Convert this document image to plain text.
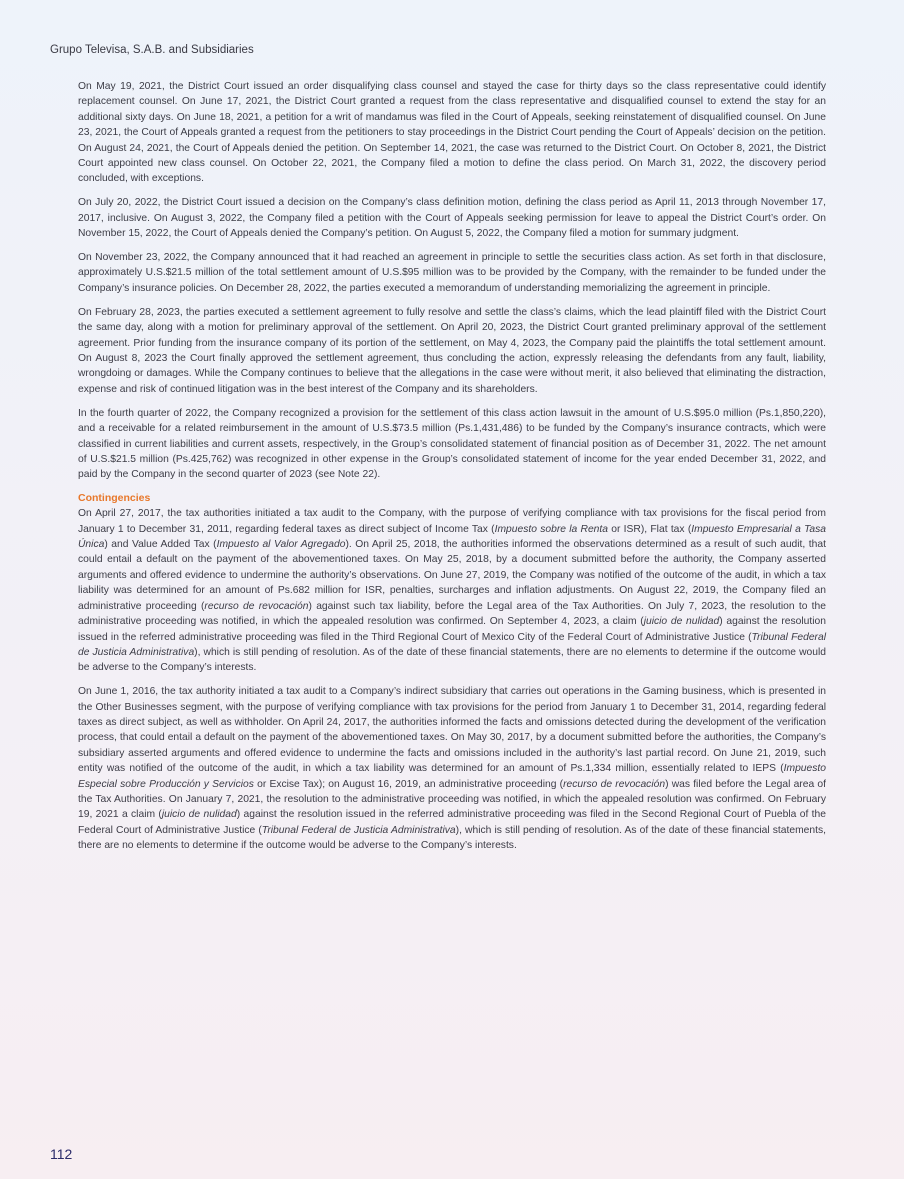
Grupo Televisa, S.A.B. and Subsidiaries

On May 19, 2021, the District Court issued an order disqualifying class counsel and stayed the case for thirty days so the class representative could identify replacement counsel. On June 17, 2021, the District Court granted a request from the class representative and disqualified counsel to extend the stay for an additional sixty days. On June 18, 2021, a petition for a writ of mandamus was filed in the Court of Appeals, seeking reinstatement of disqualified counsel. On June 23, 2021, the Court of Appeals granted a request from the petitioners to stay proceedings in the District Court pending the Court of Appeals’ decision on the petition. On August 24, 2021, the Court of Appeals denied the petition. On September 14, 2021, the case was returned to the District Court. On October 8, 2021, the District Court appointed new class counsel. On October 22, 2021, the Company filed a motion to define the class period. On March 31, 2022, the discovery period concluded, with exceptions.

On July 20, 2022, the District Court issued a decision on the Company’s class definition motion, defining the class period as April 11, 2013 through November 17, 2017, inclusive. On August 3, 2022, the Company filed a petition with the Court of Appeals seeking permission for leave to appeal the District Court’s order. On November 15, 2022, the Court of Appeals denied the Company’s petition. On August 5, 2022, the Company filed a motion for summary judgment.

On November 23, 2022, the Company announced that it had reached an agreement in principle to settle the securities class action. As set forth in that disclosure, approximately U.S.$21.5 million of the total settlement amount of U.S.$95 million was to be provided by the Company, with the remainder to be funded under the Company’s insurance policies. On December 28, 2022, the parties executed a memorandum of understanding memorializing the agreement in principle.

On February 28, 2023, the parties executed a settlement agreement to fully resolve and settle the class’s claims, which the lead plaintiff filed with the District Court the same day, along with a motion for preliminary approval of the settlement. On April 20, 2023, the District Court granted preliminary approval of the settlement agreement. Prior funding from the insurance company of its portion of the settlement, on May 4, 2023, the Company paid the plaintiffs the total settlement amount. On August 8, 2023 the Court finally approved the settlement agreement, thus concluding the action, expressly releasing the defendants from any fault, liability, wrongdoing or damages. While the Company continues to believe that the allegations in the case were without merit, it also believed that eliminating the distraction, expense and risk of continued litigation was in the best interest of the Company and its shareholders.

In the fourth quarter of 2022, the Company recognized a provision for the settlement of this class action lawsuit in the amount of U.S.$95.0 million (Ps.1,850,220), and a receivable for a related reimbursement in the amount of U.S.$73.5 million (Ps.1,431,486) to be funded by the Company’s insurance contracts, which were classified in current liabilities and current assets, respectively, in the Group’s consolidated statement of financial position as of December 31, 2022. The net amount of U.S.$21.5 million (Ps.425,762) was recognized in other expense in the Group’s consolidated statement of income for the year ended December 31, 2022, and paid by the Company in the second quarter of 2023 (see Note 22).

Contingencies

On April 27, 2017, the tax authorities initiated a tax audit to the Company, with the purpose of verifying compliance with tax provisions for the fiscal period from January 1 to December 31, 2011, regarding federal taxes as direct subject of Income Tax (Impuesto sobre la Renta or ISR), Flat tax (Impuesto Empresarial a Tasa Única) and Value Added Tax (Impuesto al Valor Agregado). On April 25, 2018, the authorities informed the observations determined as a result of such audit, that could entail a default on the payment of the abovementioned taxes. On May 25, 2018, by a document submitted before the authority, the Company asserted arguments and offered evidence to undermine the authority’s observations. On June 27, 2019, the Company was notified of the outcome of the audit, in which a tax liability was determined for an amount of Ps.682 million for ISR, penalties, surcharges and inflation adjustments. On August 22, 2019, the Company filed an administrative proceeding (recurso de revocación) against such tax liability, before the Legal area of the Tax Authorities. On July 7, 2023, the resolution to the administrative proceeding was notified, in which the appealed resolution was confirmed. On September 4, 2023, a claim (juicio de nulidad) against the resolution issued in the referred administrative proceeding was filed in the Third Regional Court of Mexico City of the Federal Court of Administrative Justice (Tribunal Federal de Justicia Administrativa), which is still pending of resolution. As of the date of these financial statements, there are no elements to determine if the outcome would be adverse to the Company’s interests.

On June 1, 2016, the tax authority initiated a tax audit to a Company’s indirect subsidiary that carries out operations in the Gaming business, which is presented in the Other Businesses segment, with the purpose of verifying compliance with tax provisions for the period from January 1 to December 31, 2014, regarding federal taxes as direct subject, as well as withholder. On April 24, 2017, the authorities informed the facts and omissions detected during the development of the verification process, that could entail a default on the payment of the abovementioned taxes. On May 30, 2017, by a document submitted before the authorities, the Company’s subsidiary asserted arguments and offered evidence to undermine the facts and omissions included in the authority’s last partial record. On June 21, 2019, such entity was notified of the outcome of the audit, in which a tax liability was determined for an amount of Ps.1,334 million, essentially related to IEPS (Impuesto Especial sobre Producción y Servicios or Excise Tax); on August 16, 2019, an administrative proceeding (recurso de revocación) was filed before the Legal area of the Tax Authorities. On January 7, 2021, the resolution to the administrative proceeding was notified, in which the appealed resolution was confirmed. On February 19, 2021 a claim (juicio de nulidad) against the resolution issued in the referred administrative proceeding was filed in the Second Regional Court of Puebla of the Federal Court of Administrative Justice (Tribunal Federal de Justicia Administrativa), which is still pending of resolution. As of the date of these financial statements, there are no elements to determine if the outcome would be adverse to the Company’s interests.

112
